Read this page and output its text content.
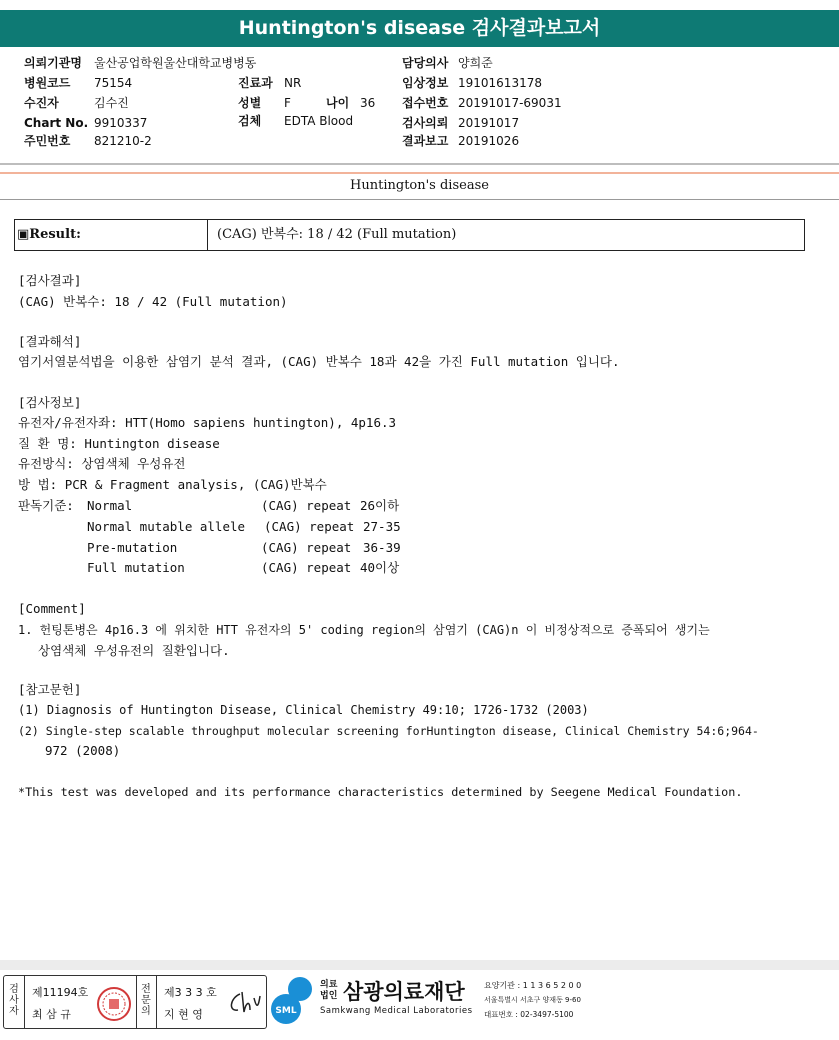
Huntington's disease 검사결과보고서
의뢰기관명 울산공업학원울산대학교병병동
병원코드 75154
수진자	김수진
Chart No. 9910337
주민번호 821210-2
진료과 NR
성별 F	나이 36
검체 EDTA Blood
담당의사 양희준
임상정보 19101613178
접수번호 20191017-69031
검사의뢰 20191017
결과보고 20191026
Huntington's disease
▣Result:	(CAG) 반복수: 18 / 42 (Full mutation)
[검사결과]
(CAG) 반복수: 18 / 42 (Full mutation)
[결과해석]
염기서열분석법을 이용한 삼염기 분석 결과, (CAG) 반복수 18과 42을 가진 Full mutation 입니다.
[검사정보]
유전자/유전자좌: HTT(Homo sapiens huntington), 4p16.3
질 환 명: Huntington disease
유전방식: 상염색체 우성유전
방 법: PCR & Fragment analysis, (CAG)반복수
판독기준: Normal	(CAG) repeat 26이하
Normal mutable allele (CAG) repeat 27-35
Pre-mutation	(CAG) repeat 36-39
Full mutation	(CAG) repeat 40이상
[Comment]
1. 헌팅톤병은 4p16.3 에 위치한 HTT 유전자의 5' coding region의 삼염기 (CAG)n 이 비정상적으로 증폭되어 생기는
상염색체 우성유전의 질환입니다.
[참고문헌]
(1) Diagnosis of Huntington Disease, Clinical Chemistry 49:10; 1726-1732 (2003)
(2) Single-step scalable throughput molecular screening forHuntington disease, Clinical Chemistry 54:6;964-
972 (2008)
*This test was developed and its performance characteristics determined by Seegene Medical Foundation.
검사자
제11194호
최 삼 규
전문의
제3 3 3 호
지 현 영	SML
의료법인 삼광의료재단
Samkwang Medical Laboratories
요양기관 : 1 1 3 6 5 2 0 0
서울특별시 서초구 양재동 9-60
대표번호 : 02-3497-5100
